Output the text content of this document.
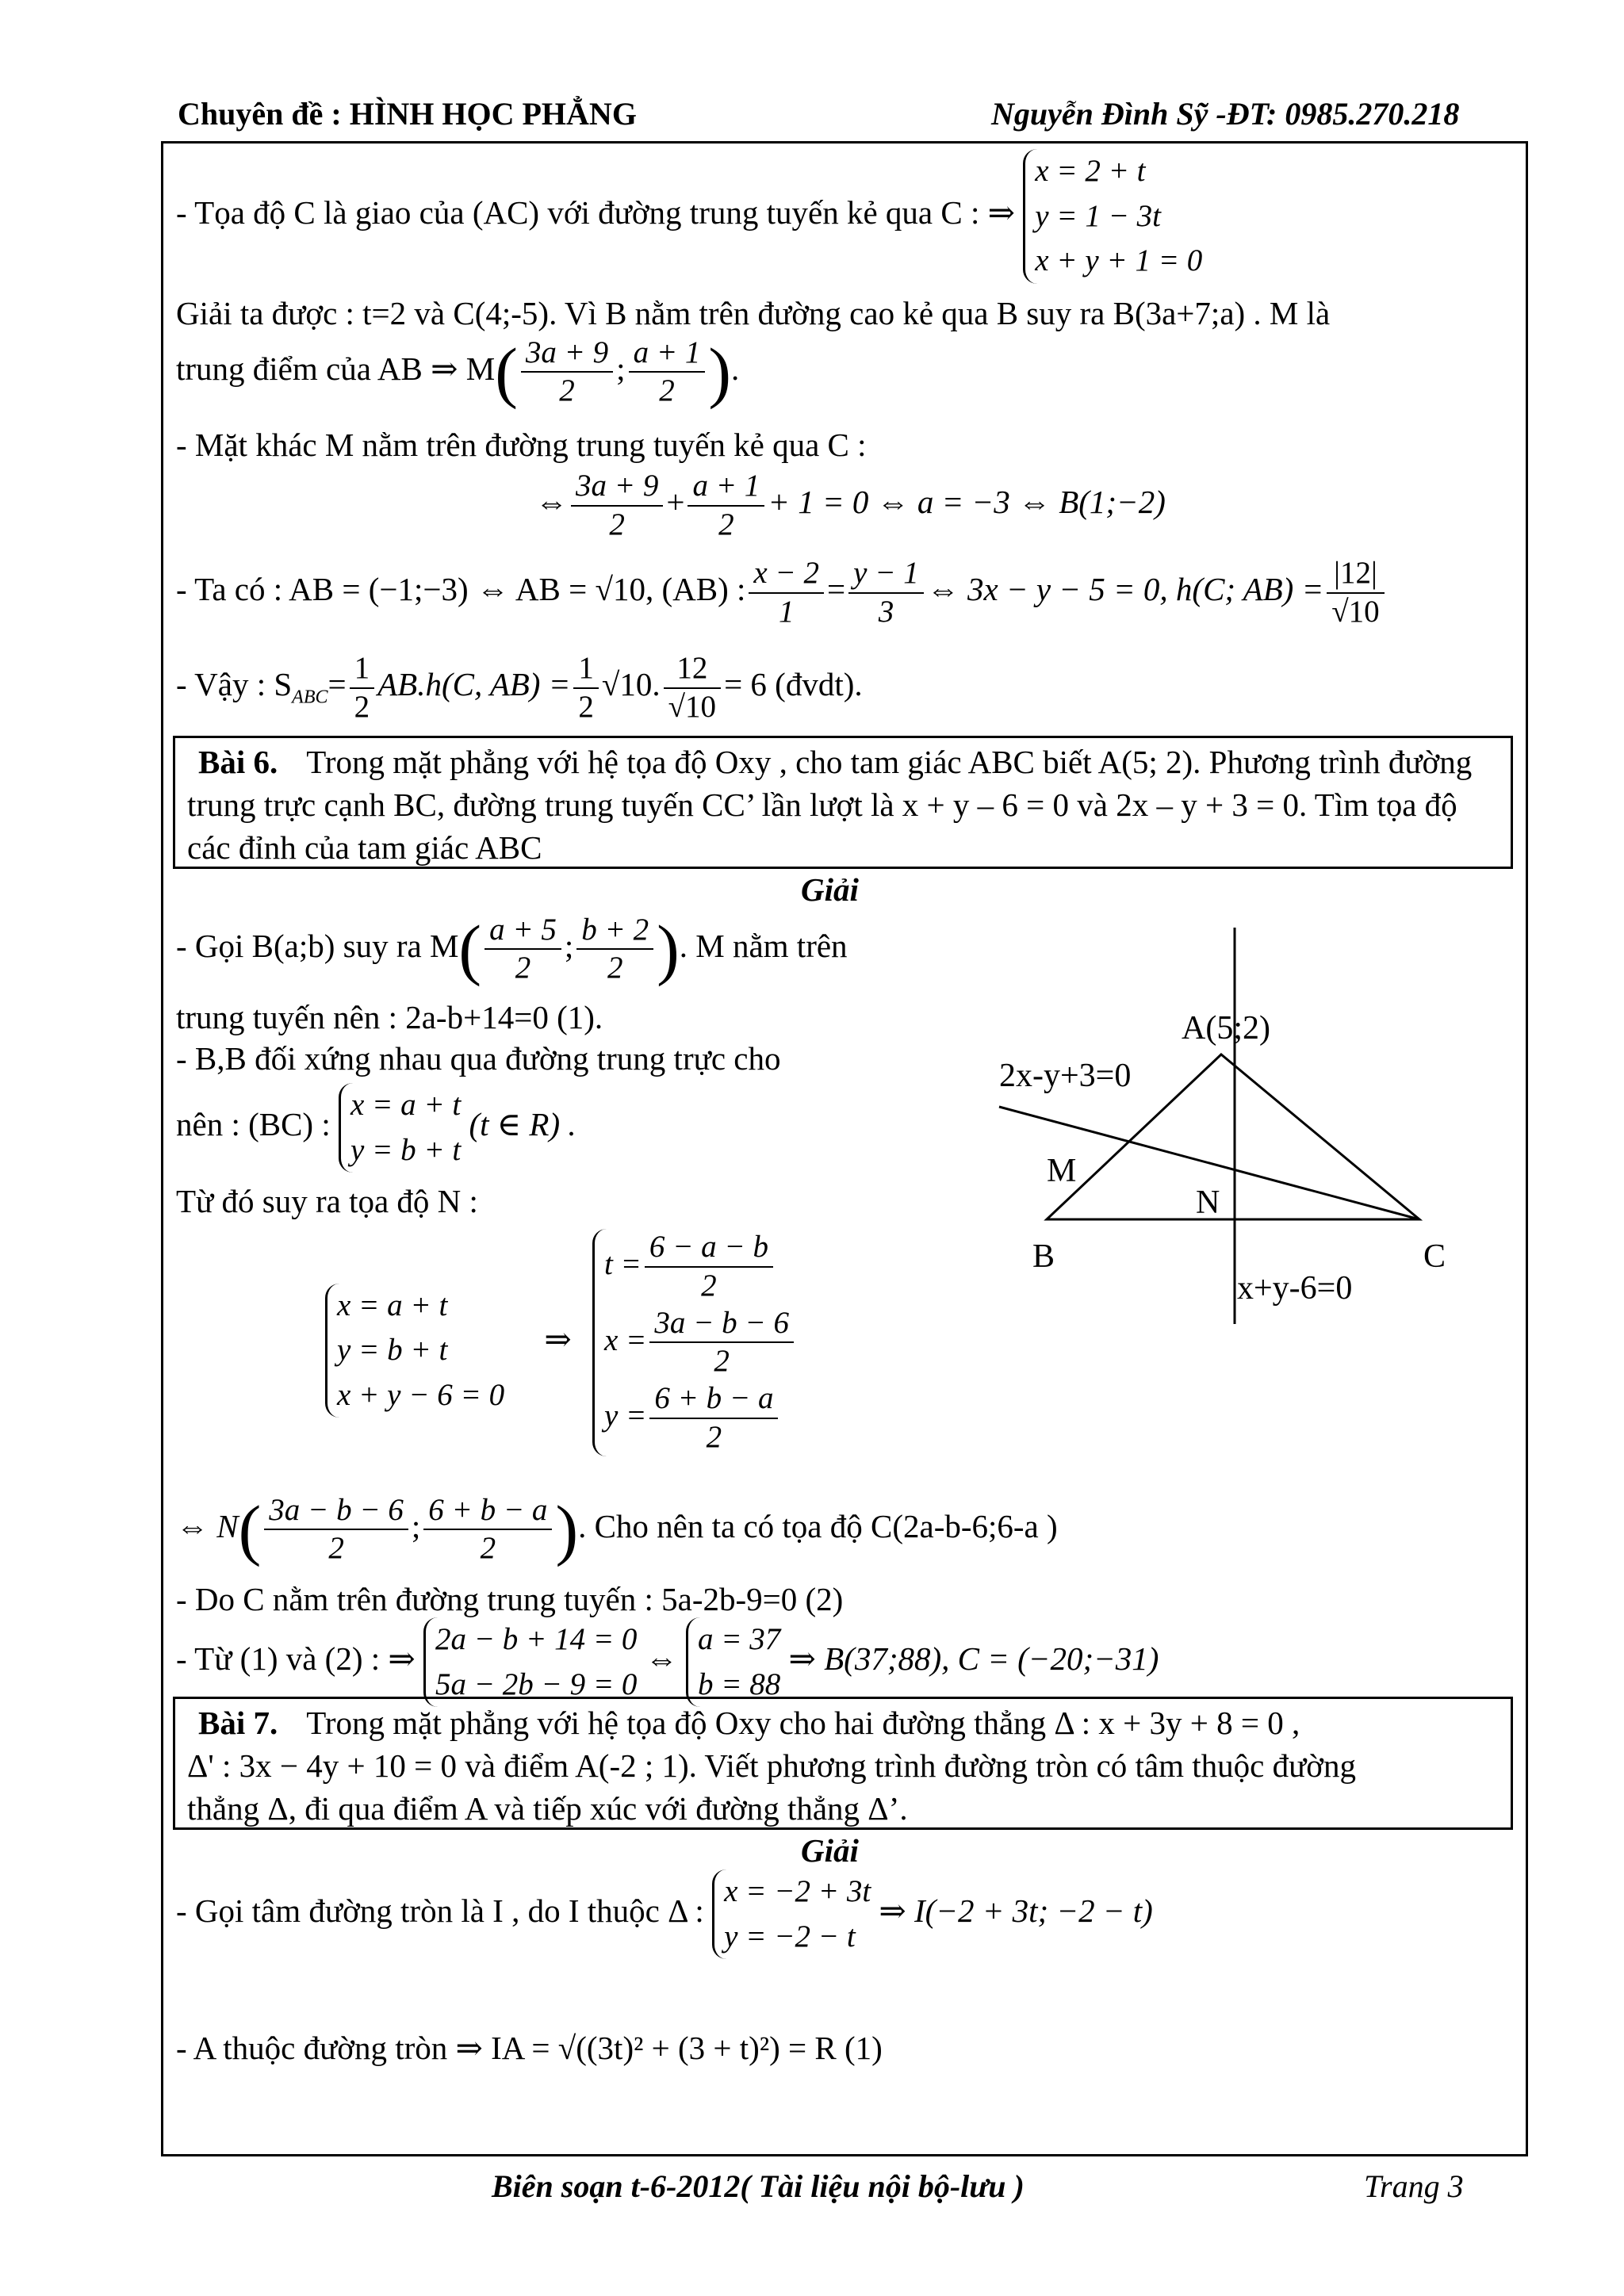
Chuyên đề : HÌNH HỌC PHẲNG	Nguyễn Đình Sỹ -ĐT: 0985.270.218
- Tọa độ C là giao của (AC) với đường trung tuyến kẻ qua C : ⇒
x = 2 + t
y = 1 − 3t
x + y + 1 = 0
Giải ta được : t=2 và C(4;-5). Vì B nằm trên đường cao kẻ qua B suy ra B(3a+7;a) . M là
trung điểm của AB ⇒ $M( \frac{3a + 9}{2}$ ; $\frac{a + 1}{2}$ ).
- Mặt khác M nằm trên đường trung tuyến kẻ qua C :
⇔ $\frac{3a + 9}{2} + \frac{a + 1}{2} + 1 = 0$ ⇔ a = −3 ⇔ B(1;−2)
- Ta có : AB = (−1;−3) ⇔ AB = √10, (AB) : $\frac{x - 2}{1} = \frac{y - 1}{3}$ ⇔ 3x − y − 5 = 0, h(C; $AB) = \frac{|12|}{√10}$
- Vậy : $S_{ABC}= \frac{1}{2} AB.h(C$, $AB) = \frac{1}{2} √10$. $\frac{12}{√10} = 6$ (đvdt).
Bài 6. Trong mặt phẳng với hệ tọa độ Oxy , cho tam giác ABC biết A(5; 2). Phương trình đường trung trực cạnh BC, đường trung tuyến CC’ lần lượt là x + y – 6 = 0 và 2x – y + 3 = 0. Tìm tọa độ các đỉnh của tam giác ABC
Giải
- Gọi B(a;b) suy ra $M( \frac{a + 5}{2}$ ; $\frac{b + 2}{2}$ ). M nằm trên
trung tuyến nên : 2a-b+14=0 (1).
- B,B đối xứng nhau qua đường trung trực cho
nên : (BC) :
x = a + t
y = b + t
(t ∈ R) .
Từ đó suy ra tọa độ N :
x = a + t
y = b + t
x + y − 6 = 0
⇒
$t = \frac{6 - a - b}{2}$
$x = \frac{3a - b - 6}{2}$
$y = \frac{6 + b - a}{2}$
⇔ $N( \frac{3a - b - 6}{2}$ ; $\frac{6 + b - a}{2}$ ). Cho nên ta có tọa độ C(2a-b-6;6-a )
- Do C nằm trên đường trung tuyến : 5a-2b-9=0 (2)
- Từ (1) và (2) : ⇒
2a − b + 14 = 0
5a − 2b − 9 = 0
⇔
a = 37
b = 88
⇒ B(37;88), C = (−20;−31)
A(5;2)
2x-y+3=0
M
N
B	C
x+y-6=0
Bài 7. Trong mặt phẳng với hệ tọa độ Oxy cho hai đường thẳng Δ : x + 3y + 8 = 0 ,
Δ' : 3x − 4y + 10 = 0 và điểm A(-2 ; 1). Viết phương trình đường tròn có tâm thuộc đường
thẳng Δ, đi qua điểm A và tiếp xúc với đường thẳng Δ’.
Giải
- Gọi tâm đường tròn là I , do I thuộc Δ :
x = −2 + 3t
y = −2 − t
⇒ I(−2 + 3t; −2 − t)
- A thuộc đường tròn ⇒ IA = √((3t)² + (3 + t)²) = R (1)
Biên soạn t-6-2012( Tài liệu nội bộ-lưu )	Trang 3
